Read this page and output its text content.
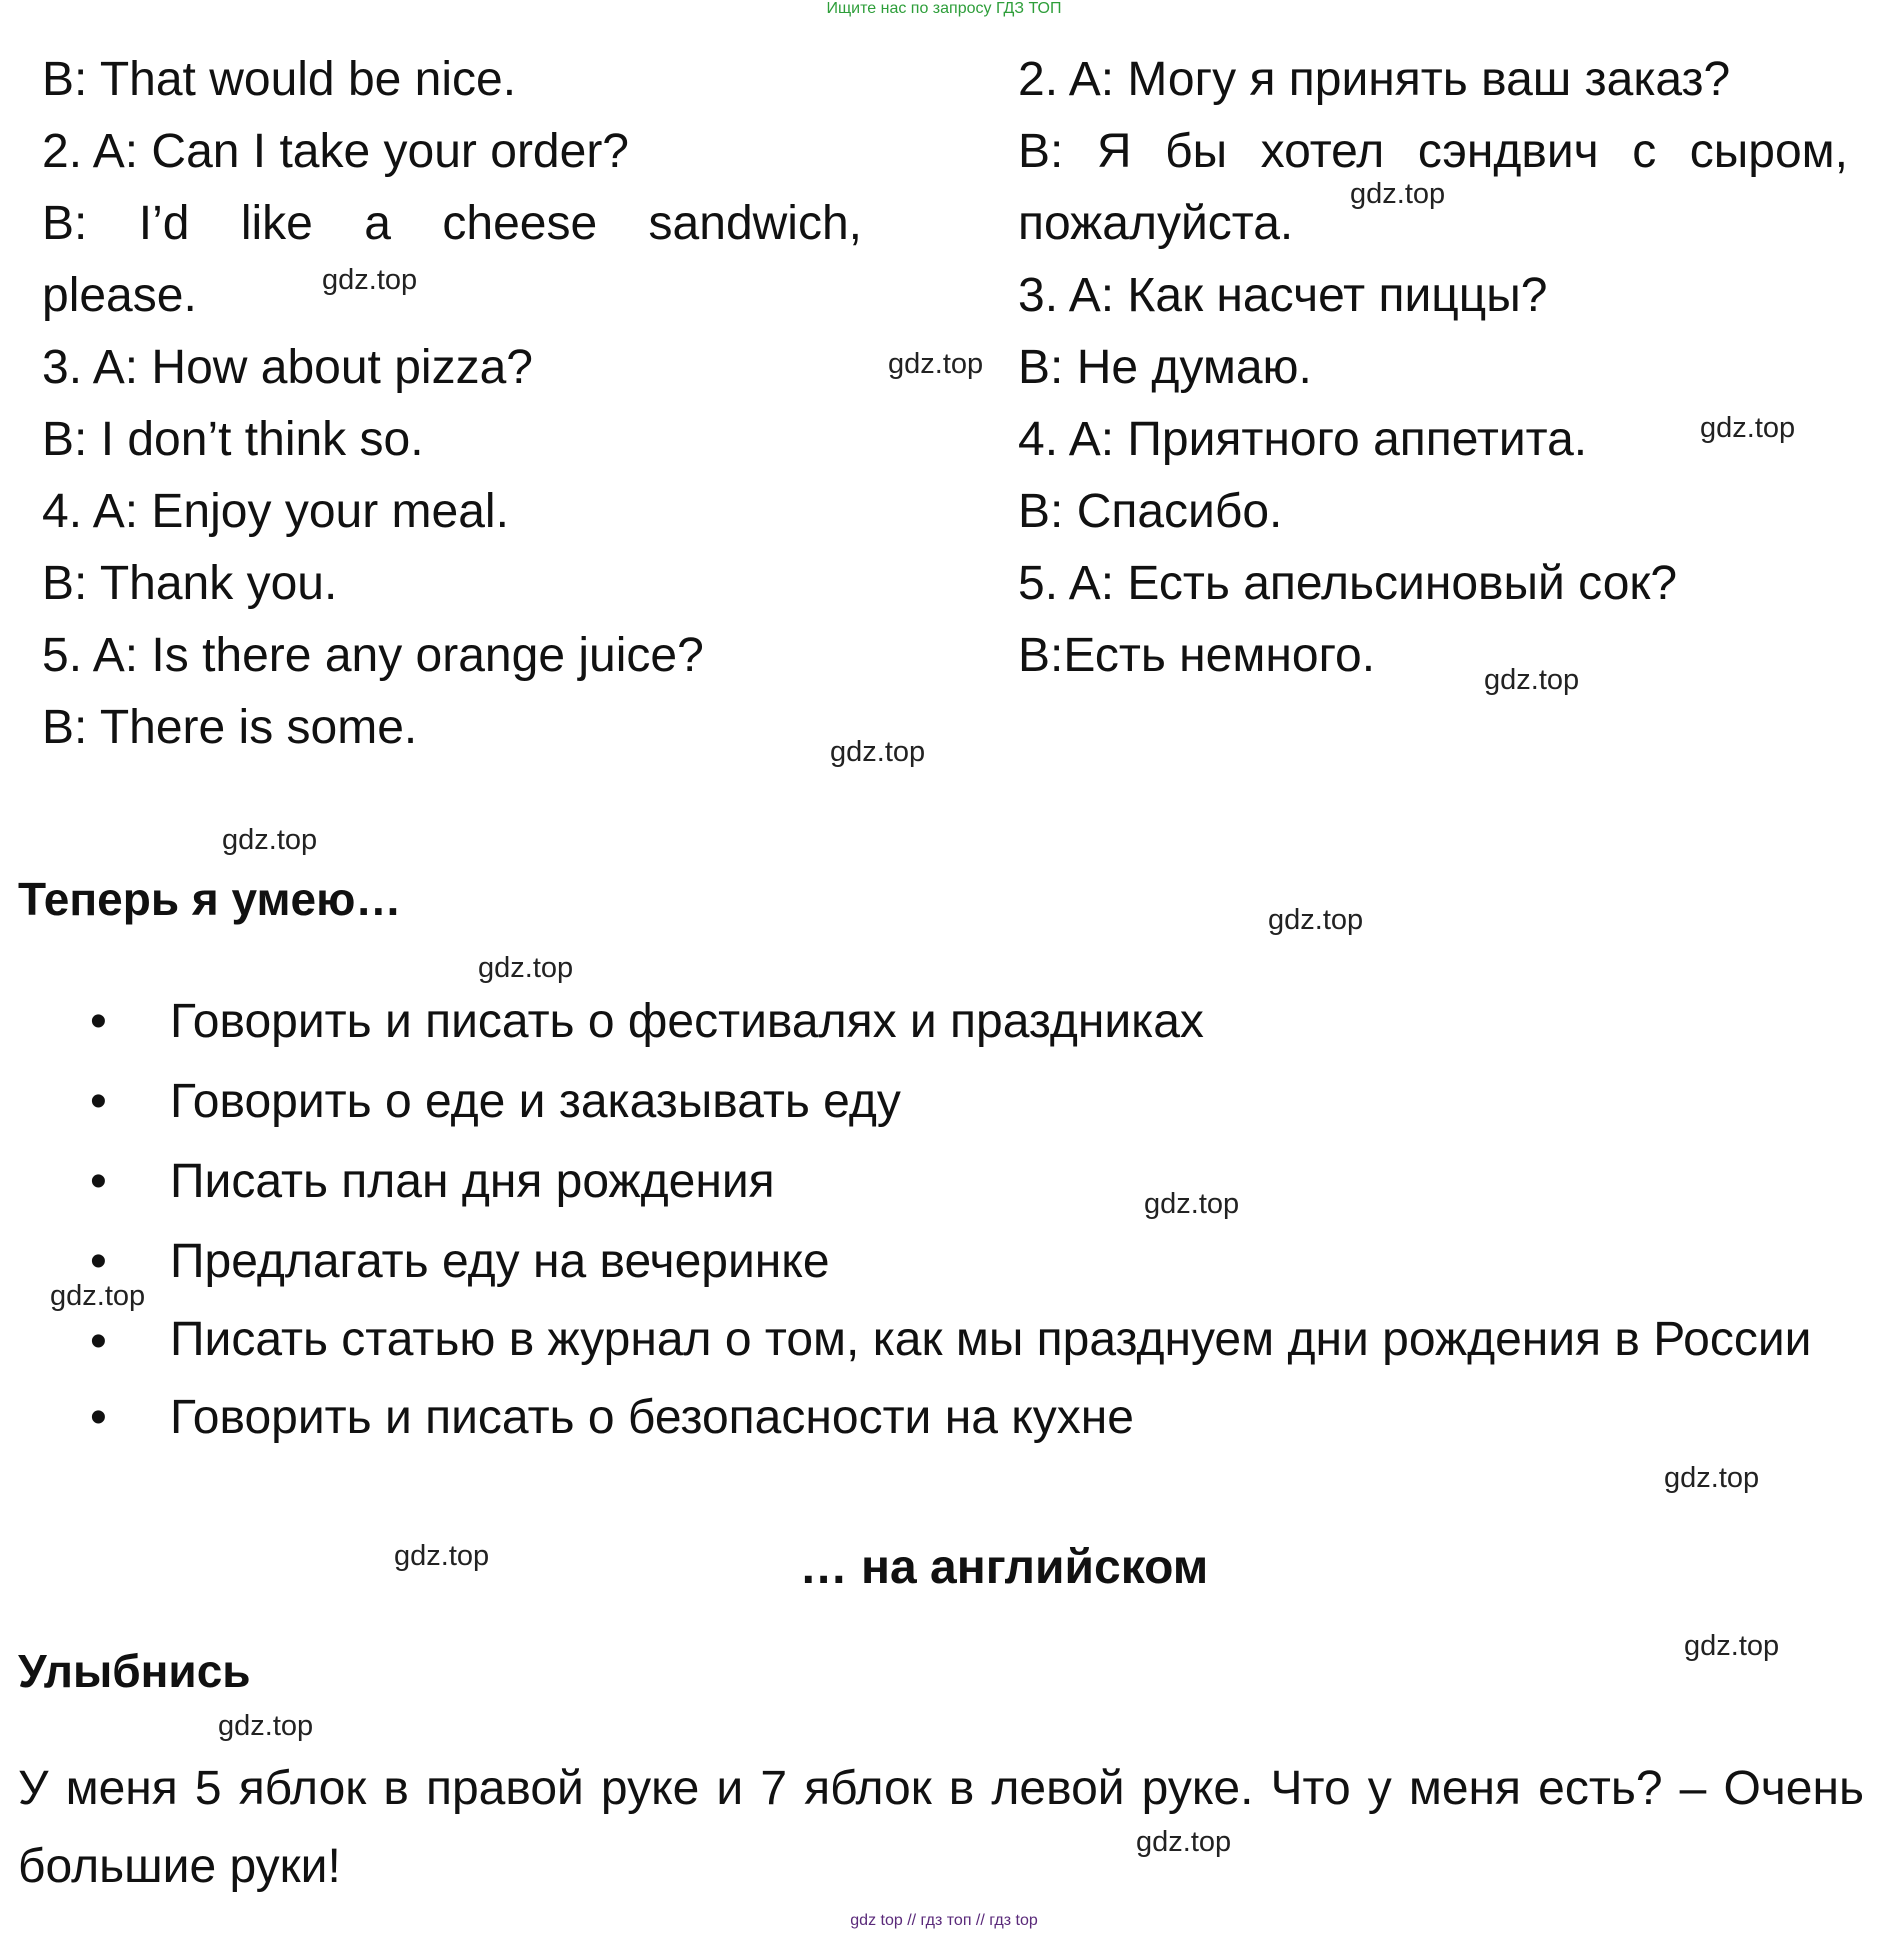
Ищите нас по запросу ГДЗ ТОП
B: That would be nice.
2. A: Can I take your order?
B: I’d like a cheese sandwich,
please.
3. A: How about pizza?
B: I don’t think so.
4. A: Enjoy your meal.
B: Thank you.
5. A: Is there any orange juice?
B: There is some.
2. A: Могу я принять ваш заказ?
B: Я бы хотел сэндвич с сыром,
пожалуйста.
3. A: Как насчет пиццы?
B: Не думаю.
4. A: Приятного аппетита.
B: Спасибо.
5. A: Есть апельсиновый сок?
B:Есть немного.
Теперь я умею…
•	Говорить и писать о фестивалях и праздниках
•	Говорить о еде и заказывать еду
•	Писать план дня рождения
•	Предлагать еду на вечеринке
•	Писать статью в журнал о том, как мы празднуем дни рождения в России
•	Говорить и писать о безопасности на кухне
… на английском
Улыбнись
У меня 5 яблок в правой руке и 7 яблок в левой руке. Что у меня есть? – Очень большие руки!
gdz.top
gdz.top
gdz.top
gdz.top
gdz.top
gdz.top
gdz.top
gdz.top
gdz.top
gdz.top
gdz.top
gdz.top
gdz.top
gdz.top
gdz.top
gdz.top
gdz top // гдз топ // гдз top
